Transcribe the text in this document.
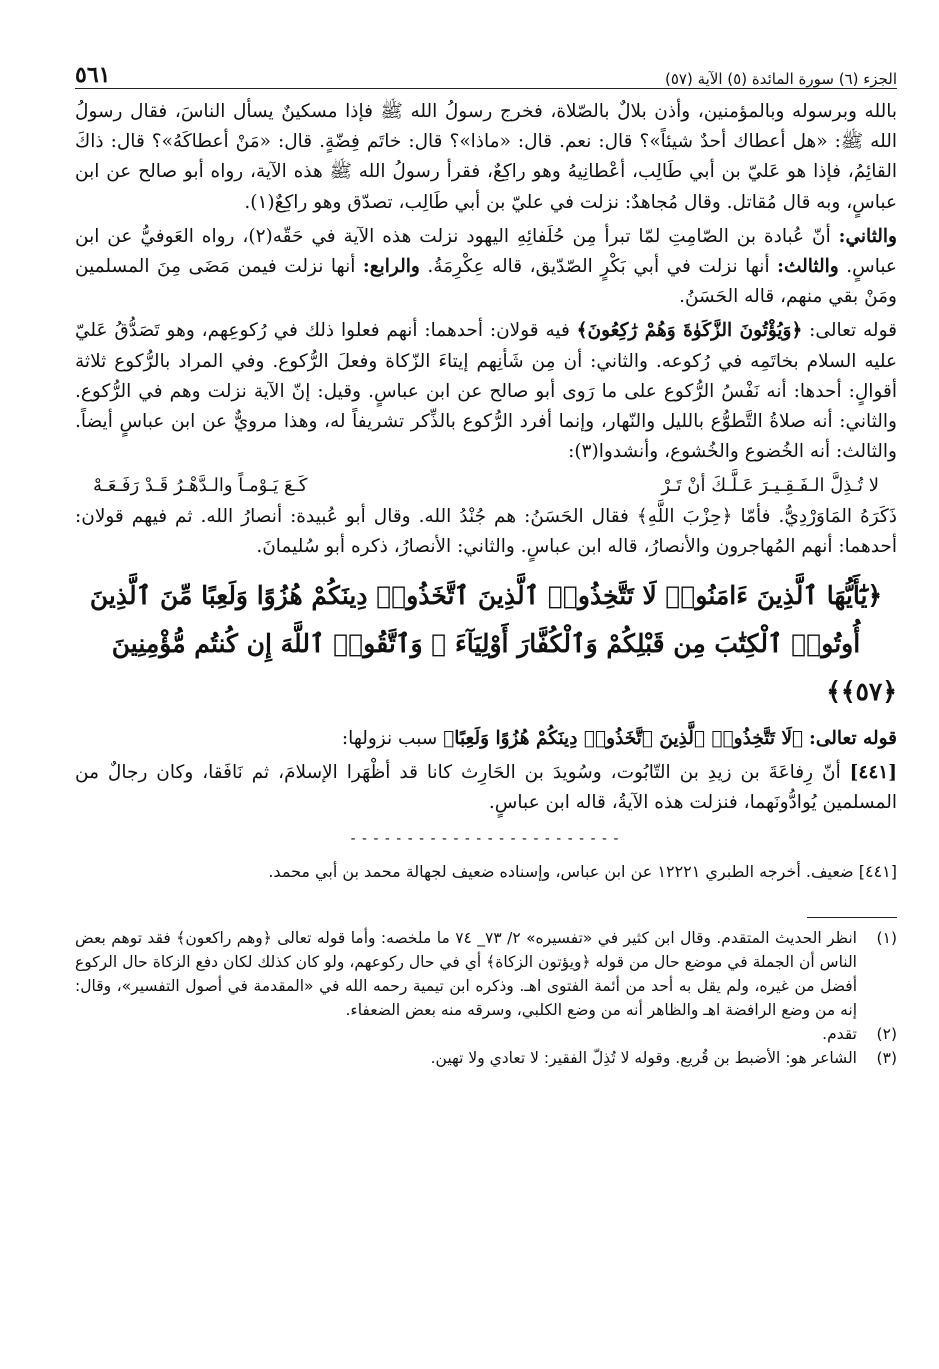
الجزء (٦) سورة المائدة (٥) الآية (٥٧)
٥٦١

بالله وبرسوله وبالمؤمنين، وأذن بلالٌ بالصّلاة، فخرج رسولُ الله ﷺ فإذا مسكينٌ يسأل الناسَ، فقال رسولُ الله ﷺ: «هل أعطاك أحدٌ شيئاً»؟ قال: نعم. قال: «ماذا»؟ قال: خاتَم فِضّةٍ. قال: «مَنْ أعطاكَهُ»؟ قال: ذاكَ القائِمُ، فإذا هو عَليّ بن أبي طَالِب، أعْطانِيهُ وهو راكِعٌ، فقرأ رسولُ الله ﷺ هذه الآية، رواه أبو صالح عن ابن عباسٍ، وبه قال مُقاتل. وقال مُجاهدٌ: نزلت في عليّ بن أبي طَالِب، تصدّق وهو راكِعٌ(١).

والثاني: أنّ عُبادة بن الصّامِتِ لمّا تبرأ مِن حُلَفائِهِ اليهود نزلت هذه الآية في حَقّه(٢)، رواه العَوفيُّ عن ابن عباسٍ. والثالث: أنها نزلت في أبي بَكْرٍ الصّدّيق، قاله عِكْرِمَةُ. والرابع: أنها نزلت فيمن مَضَى مِنَ المسلمين ومَنْ بقي منهم، قاله الحَسَنُ.

قوله تعالى: ﴿وَيُؤْتُونَ الزَّكَوٰةَ وَهُمْ رَٰكِعُونَ﴾ فيه قولان: أحدهما: أنهم فعلوا ذلك في رُكوعِهم، وهو تَصَدُّقُ عَليّ عليه السلام بخاتَمِه في رُكوعه. والثاني: أن مِن شَأنِهم إيتاءَ الزّكاة وفعلَ الرُّكوع. وفي المراد بالرُّكوع ثلاثة أقوالٍ: أحدها: أنه نَفْسُ الرُّكوع على ما رَوى أبو صالح عن ابن عباسٍ. وقيل: إنّ الآية نزلت وهم في الرُّكوع. والثاني: أنه صلاةُ التَّطوُّع بالليل والنّهار، وإنما أفرد الرُّكوع بالذِّكر تشريفاً له، وهذا مرويٌّ عن ابن عباسٍ أيضاً. والثالث: أنه الخُضوع والخُشوع، وأنشدوا(٣):

لا تُـذِلَّ الـفَـقِـيـرَ عَـلَّـكَ أنْ تَـرْ
كَـعَ يَـوْمـاً والـدَّهْـرُ قَـدْ رَفَـعَـهْ

ذَكَرَهُ المَاوَرْدِيُّ. فأمّا ﴿حِزْبَ اللَّهِ﴾ فقال الحَسَنُ: هم جُنْدُ الله. وقال أبو عُبيدة: أنصارُ الله. ثم فيهم قولان: أحدهما: أنهم المُهاجرون والأنصارُ، قاله ابن عباسٍ. والثاني: الأنصارُ، ذكره أبو سُليمانَ.

﴿يَٰٓأَيُّهَا ٱلَّذِينَ ءَامَنُوا۟ لَا تَتَّخِذُوا۟ ٱلَّذِينَ ٱتَّخَذُوا۟ دِينَكُمْ هُزُوًا وَلَعِبًا مِّنَ ٱلَّذِينَ أُوتُوا۟ ٱلْكِتَٰبَ مِن قَبْلِكُمْ وَٱلْكُفَّارَ أَوْلِيَآءَ ۚ وَٱتَّقُوا۟ ٱللَّهَ إِن كُنتُم مُّؤْمِنِينَ ﴿٥٧﴾﴾

قوله تعالى: ﴿لَا تَتَّخِذُوا۟ ٱلَّذِينَ ٱتَّخَذُوا۟ دِينَكُمْ هُزُوًا وَلَعِبًا﴾ سبب نزولها:

[٤٤١] أنّ رِفاعَةَ بن زيدِ بن التّابُوت، وسُويدَ بن الحَارِث كانا قد أظْهَرا الإسلامَ، ثم نَافَقا، وكان رجالٌ من المسلمين يُوادُّونَهما، فنزلت هذه الآيةُ، قاله ابن عباسٍ.

------------------------
[٤٤١] ضعيف. أخرجه الطبري ١٢٢٢١ عن ابن عباس، وإسناده ضعيف لجهالة محمد بن أبي محمد.
(١)
انظر الحديث المتقدم. وقال ابن كثير في «تفسيره» ٢/ ٧٣_ ٧٤ ما ملخصه: وأما قوله تعالى ﴿وهم راكعون﴾ فقد توهم بعض الناس أن الجملة في موضع حال من قوله ﴿ويؤتون الزكاة﴾ أي في حال ركوعهم، ولو كان كذلك لكان دفع الزكاة حال الركوع أفضل من غيره، ولم يقل به أحد من أئمة الفتوى اهـ. وذكره ابن تيمية رحمه الله في «المقدمة في أصول التفسير»، وقال: إنه من وضع الرافضة اهـ والظاهر أنه من وضع الكلبي، وسرقه منه بعض الضعفاء.
(٢)
تقدم.
(٣)
الشاعر هو: الأضبط بن قُريع. وقوله لا تُذِلّ الفقير: لا تعادي ولا تهين.
